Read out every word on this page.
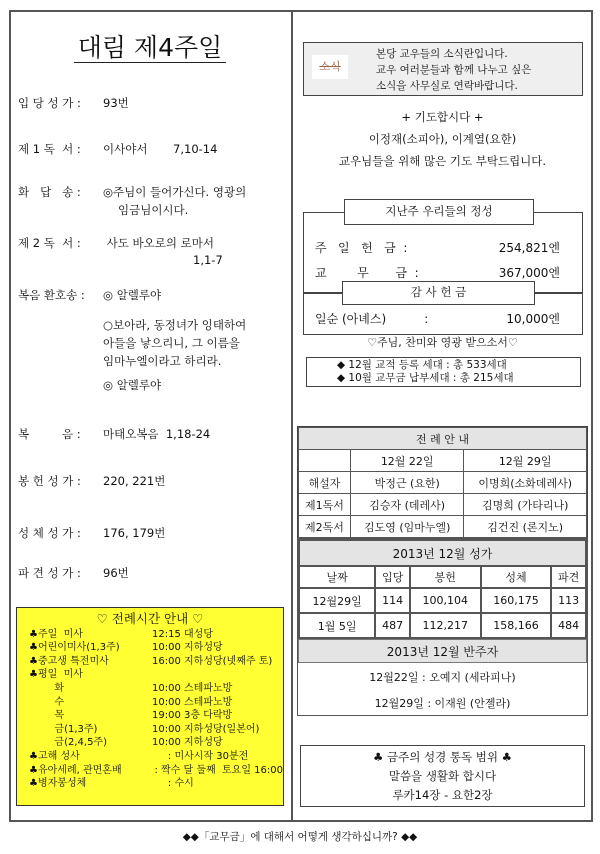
대림 제4주일
입 당 성 가 : 93번
제 1 독  서 : 이사야서       7,10-14
화   답   송 : ◎주님이 들어가신다. 영광의
임금님이시다.
제 2 독  서 : 사도 바오로의 로마서
1,1-7
복음 환호송 : ◎ 알렐루야
○보아라, 동정녀가 잉태하여
아들을 낳으리니, 그 이름을
임마누엘이라고 하리라.
◎ 알렐루야
복         음 : 마태오복음  1,18-24
봉 헌 성 가 : 220, 221번
성 체 성 가 : 176, 179번
파 견 성 가 : 96번
♡ 전례시간 안내 ♡
♣주일  미사	12:15 대성당
♣어린이미사(1,3주)	10:00 지하성당
♣중고생 특전미사	16:00 지하성당(넷째주 토)
♣평일  미사
화	10:00 스테파노방
수	10:00 스테파노방
목	19:00 3층 다락방
금(1,3주)	10:00 지하성당(일본어)
금(2,4,5주)	10:00 지하성당
♣고해 성사	: 미사시작 30분전
♣유아세례, 관면혼배	: 짝수 달 둘째  토요일 16:00
♣병자봉성체	: 수시
소식
본당 교우들의 소식란입니다.
교우 여러분들과 함께 나누고 싶은
소식을 사무실로 연락바랍니다.
+ 기도합시다 +
이정재(소피아), 이계열(요한)
교우님들을 위해 많은 기도 부탁드립니다.
지난주 우리들의 정성
주   일   헌   금  :	254,821엔
교        무       금  :	367,000엔
감 사 헌 금
일순 (아녜스)          :	10,000엔
♡주님, 찬미와 영광 받으소서♡
◆ 12월 교적 등록 세대 : 총 533세대
◆ 10월 교무금 납부세대 : 총 215세대
전 례 안 내		
	12월 22일	12월 29일
해설자	박정근 (요한)	이명희(소화데레사)
제1독서	김승자 (데레사)	김명희 (가타리나)
제2독서	김도영 (임마누엘)	김건진 (론지노)
2013년 12월 성가				
날짜	입당	봉헌	성체	파견
12월29일	114	100,104	160,175	113
1월 5일	487	112,217	158,166	484
2013년 12월 반주자
12월22일 : 오예지 (세라피나)
12월29일 : 이재원 (안젤라)
♣ 금주의 성경 통독 범위 ♣
말씀을 생활화 합시다
루카14장 - 요한2장
◆◆「교무금」에 대해서 어떻게 생각하십니까? ◆◆
